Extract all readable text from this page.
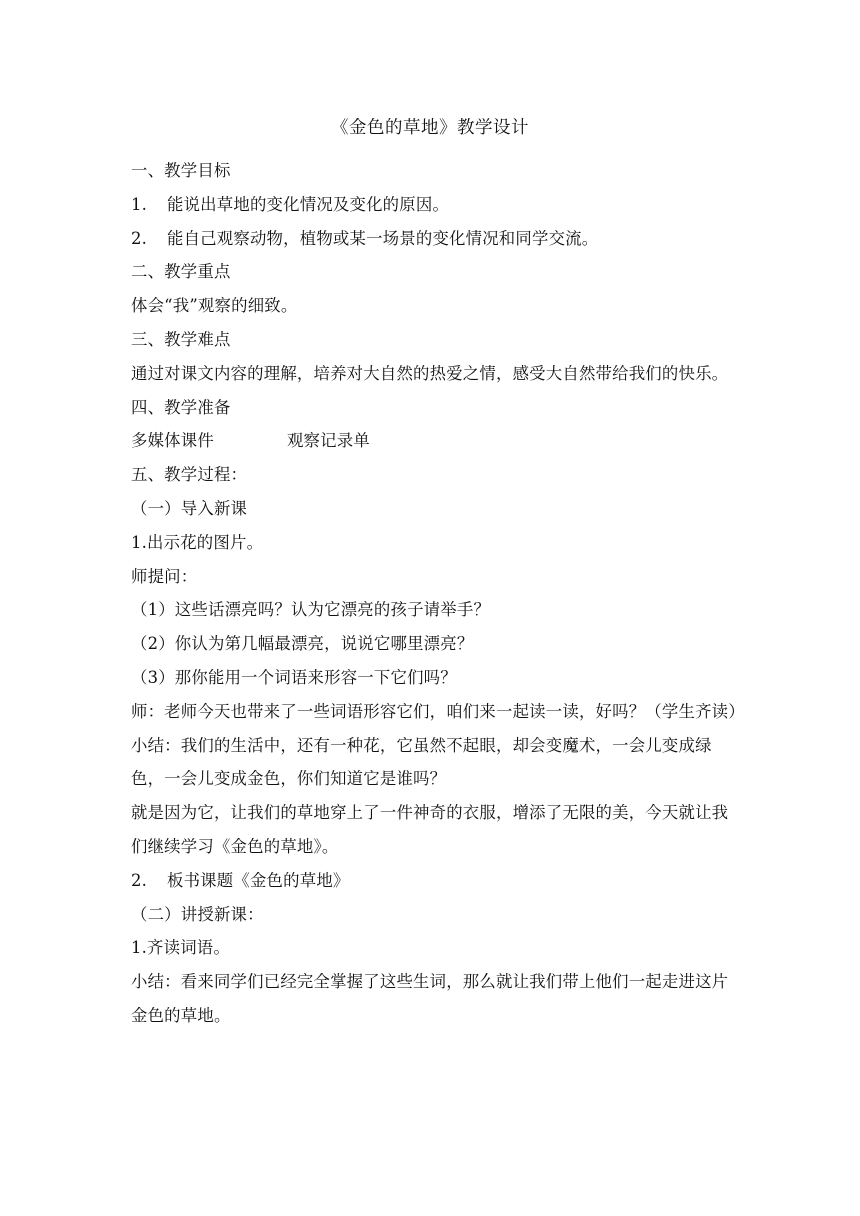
《金色的草地》教学设计

一、教学目标

1. 能说出草地的变化情况及变化的原因。

2. 能自己观察动物，植物或某一场景的变化情况和同学交流。

二、教学重点

体会“我”观察的细致。

三、教学难点

通过对课文内容的理解，培养对大自然的热爱之情，感受大自然带给我们的快乐。

四、教学准备

多媒体课件	观察记录单

五、教学过程：

（一）导入新课

1.出示花的图片。

师提问：

（1）这些话漂亮吗？认为它漂亮的孩子请举手？

（2）你认为第几幅最漂亮，说说它哪里漂亮？

（3）那你能用一个词语来形容一下它们吗？

师：老师今天也带来了一些词语形容它们，咱们来一起读一读，好吗？（学生齐读）

小结：我们的生活中，还有一种花，它虽然不起眼，却会变魔术，一会儿变成绿色，一会儿变成金色，你们知道它是谁吗？

就是因为它，让我们的草地穿上了一件神奇的衣服，增添了无限的美，今天就让我们继续学习《金色的草地》。

2. 板书课题《金色的草地》

（二）讲授新课：

1.齐读词语。

小结：看来同学们已经完全掌握了这些生词，那么就让我们带上他们一起走进这片金色的草地。
